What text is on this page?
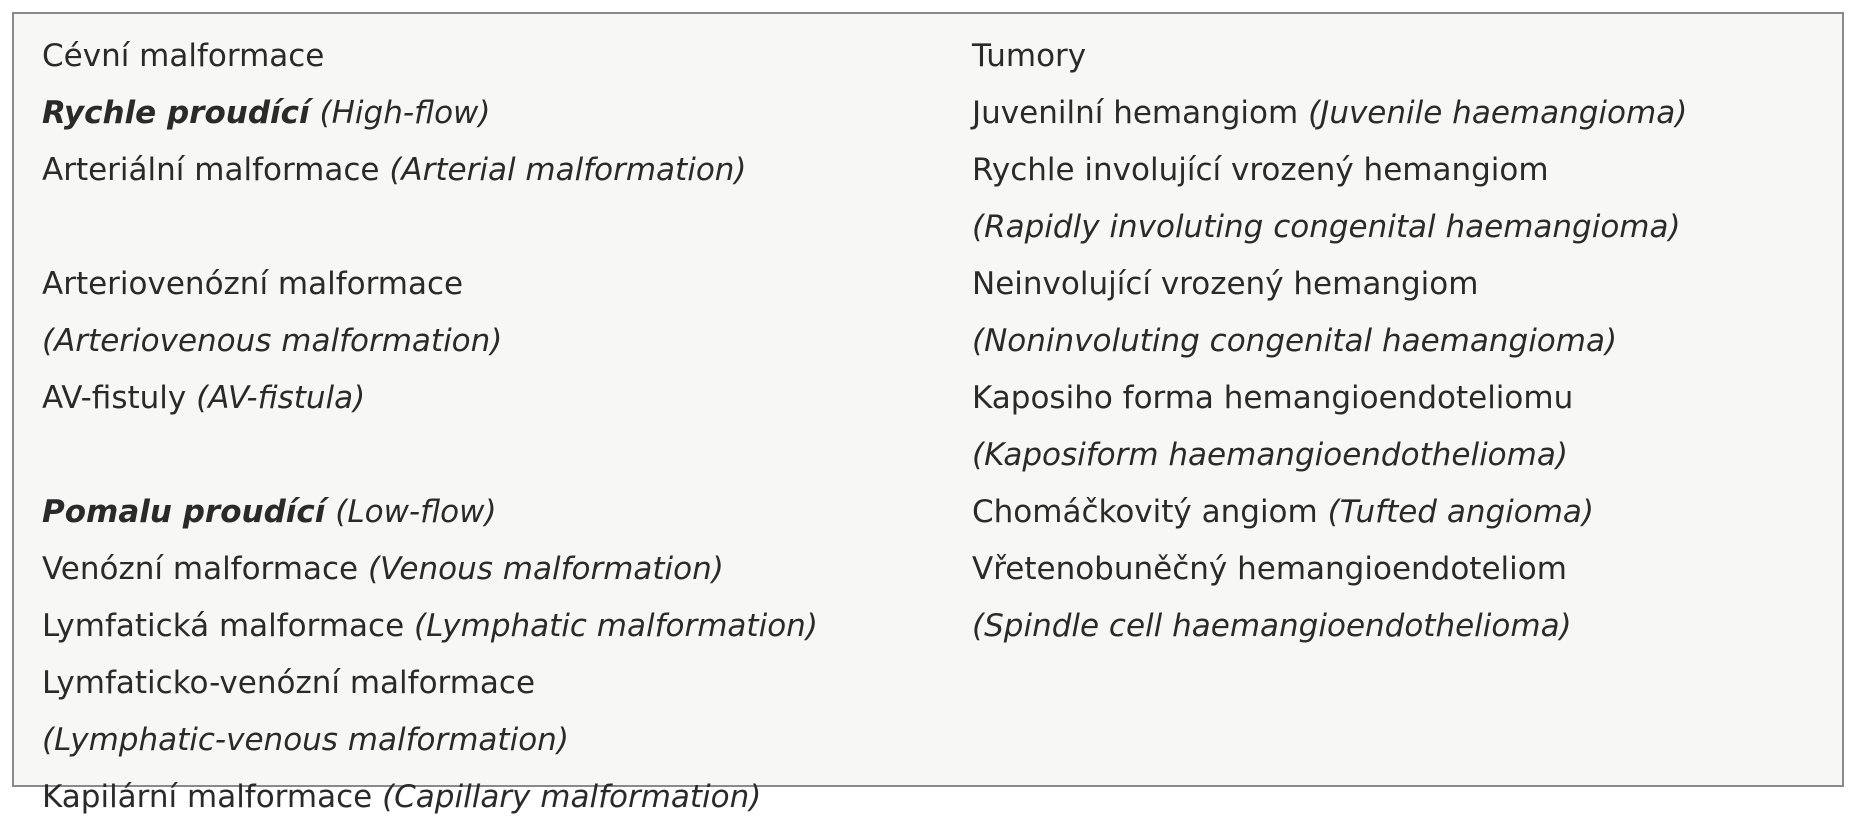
Cévní malformace
Rychle proudící (High-flow)
Arteriální malformace (Arterial malformation)
Arteriovenózní malformace
(Arteriovenous malformation)
AV-fistuly (AV-fistula)
Pomalu proudící (Low-flow)
Venózní malformace (Venous malformation)
Lymfatická malformace (Lymphatic malformation)
Lymfaticko-venózní malformace
(Lymphatic-venous malformation)
Kapilární malformace (Capillary malformation)
Tumory
Juvenilní hemangiom (Juvenile haemangioma)
Rychle involující vrozený hemangiom
(Rapidly involuting congenital haemangioma)
Neinvolující vrozený hemangiom
(Noninvoluting congenital haemangioma)
Kaposiho forma hemangioendoteliomu
(Kaposiform haemangioendothelioma)
Chomáčkovitý angiom (Tufted angioma)
Vřetenobuněčný hemangioendoteliom
(Spindle cell haemangioendothelioma)
